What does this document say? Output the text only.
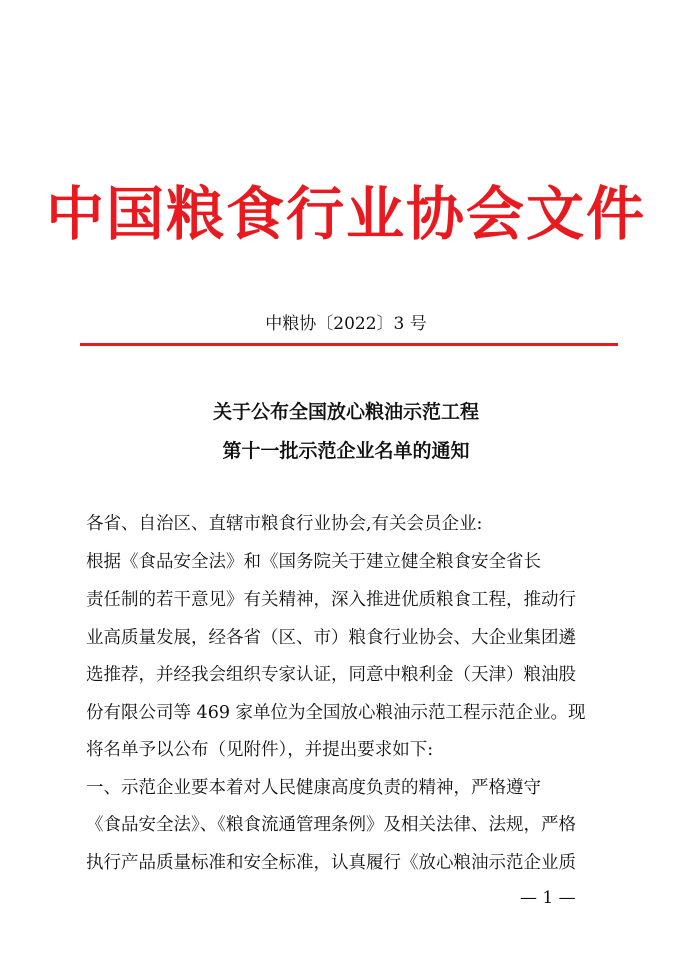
中国粮食行业协会文件
中粮协〔2022〕3 号
关于公布全国放心粮油示范工程
第十一批示范企业名单的通知
各省、自治区、直辖市粮食行业协会,有关会员企业:
根据《食品安全法》和《国务院关于建立健全粮食安全省长
责任制的若干意见》有关精神，深入推进优质粮食工程，推动行
业高质量发展，经各省（区、市）粮食行业协会、大企业集团遴
选推荐，并经我会组织专家认证，同意中粮利金（天津）粮油股
份有限公司等 469 家单位为全国放心粮油示范工程示范企业。现
将名单予以公布（见附件），并提出要求如下:
一、示范企业要本着对人民健康高度负责的精神，严格遵守
《食品安全法》、《粮食流通管理条例》及相关法律、法规，严格
执行产品质量标准和安全标准，认真履行《放心粮油示范企业质
— 1 —
